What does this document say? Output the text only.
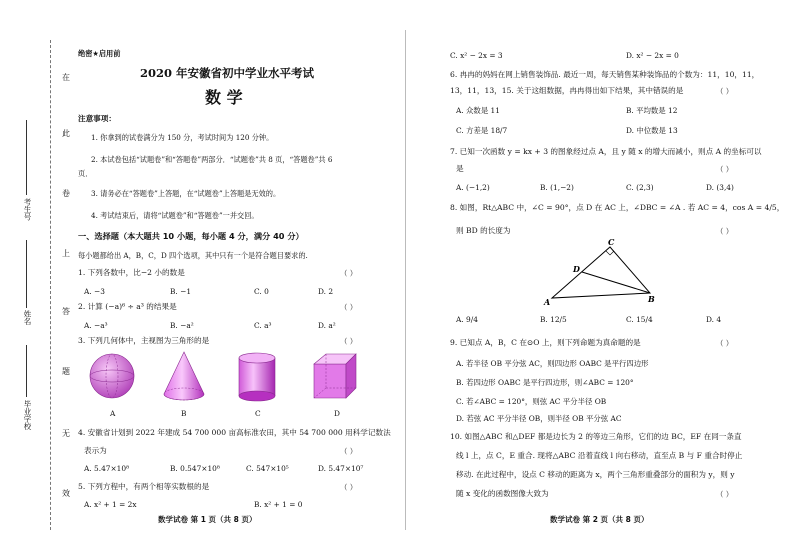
在
此
卷
上
答
题
无
效
考生号
姓名
毕业学校
绝密★启用前
2020 年安徽省初中学业水平考试
数 学
注意事项：
1. 你拿到的试卷满分为 150 分，考试时间为 120 分钟。
2. 本试卷包括“试题卷”和“答题卷”两部分．“试题卷”共 8 页，“答题卷”共 6
页．
3. 请务必在“答题卷”上答题，在“试题卷”上答题是无效的。
4. 考试结束后，请将“试题卷”和“答题卷”一并交回。
一、选择题（本大题共 10 小题，每小题 4 分，满分 40 分）
每小题都给出 A，B，C，D 四个选项，其中只有一个是符合题目要求的.
1. 下列各数中，比−2 小的数是	（ ）
A. −3	B. −1	C. 0	D. 2
2. 计算 (−a)⁶ ÷ a³ 的结果是	（ ）
A. −a³	B. −a²	C. a³	D. a²
3. 下列几何体中，主视图为三角形的是	（ ）
A	B	C	D
4. 安徽省计划到 2022 年建成 54 700 000 亩高标准农田，其中 54 700 000 用科学记数法
表示为	（ ）
A. 5.47×10⁸	B. 0.547×10⁸	C. 547×10⁵	D. 5.47×10⁷
5. 下列方程中，有两个相等实数根的是	（ ）
A. x² + 1 = 2x	B. x² + 1 = 0
数学试卷 第 1 页（共 8 页）
C. x² − 2x = 3	D. x² − 2x = 0
6. 冉冉的妈妈在网上销售装饰品. 最近一周，每天销售某种装饰品的个数为：11，10，11，
13，11，13，15. 关于这组数据，冉冉得出如下结果，其中错误的是	（ ）
A. 众数是 11	B. 平均数是 12
C. 方差是 18/7	D. 中位数是 13
7. 已知一次函数 y = kx + 3 的图象经过点 A，且 y 随 x 的增大而减小，则点 A 的坐标可以
是	（ ）
A. (−1,2)	B. (1,−2)	C. (2,3)	D. (3,4)
8. 如图，Rt△ABC 中，∠C = 90°，点 D 在 AC 上，∠DBC = ∠A . 若 AC = 4，cos A = 4/5，
则 BD 的长度为	（ ）
C
D
A	B
A. 9/4	B. 12/5	C. 15/4	D. 4
9. 已知点 A，B，C 在⊙O 上，则下列命题为真命题的是	（ ）
A. 若半径 OB 平分弦 AC，则四边形 OABC 是平行四边形
B. 若四边形 OABC 是平行四边形，则∠ABC = 120°
C. 若∠ABC = 120°，则弦 AC 平分半径 OB
D. 若弦 AC 平分半径 OB，则半径 OB 平分弦 AC
10. 如图△ABC 和△DEF 都是边长为 2 的等边三角形，它们的边 BC，EF 在同一条直
线 l 上，点 C，E 重合. 现将△ABC 沿着直线 l 向右移动，直至点 B 与 F 重合时停止
移动. 在此过程中，设点 C 移动的距离为 x，两个三角形重叠部分的面积为 y，则 y
随 x 变化的函数图像大致为	（ ）
数学试卷 第 2 页（共 8 页）
